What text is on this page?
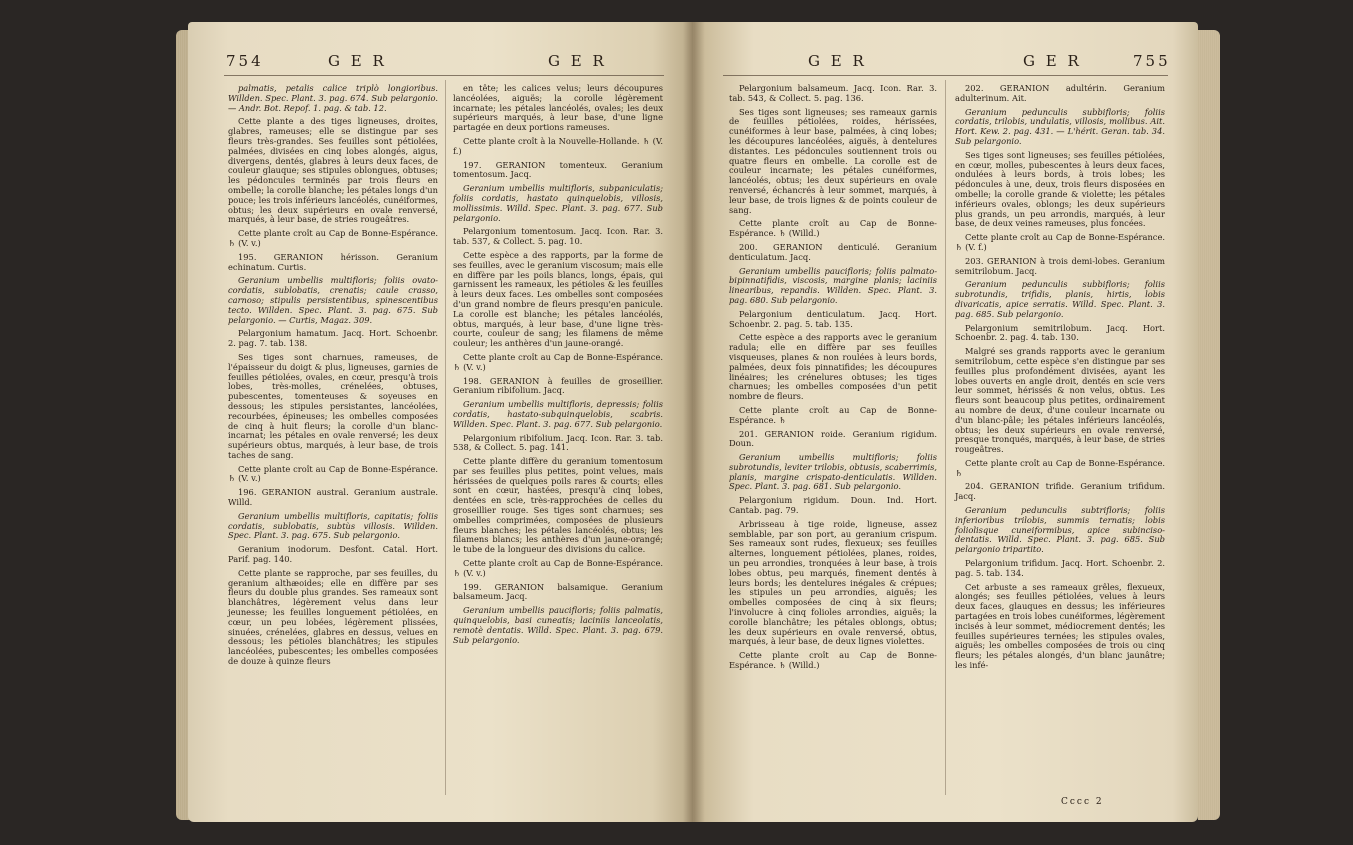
754	G E R	G E R

palmatis, petalis calice triplò longioribus. Willden. Spec. Plant. 3. pag. 674. Sub pelargonio. — Andr. Bot. Repof. 1. pag. & tab. 12.

Cette plante a des tiges ligneuses, droites, glabres, rameuses; elle se distingue par ses fleurs très-grandes. Ses feuilles sont pétiolées, palmées, divisées en cinq lobes alongés, aigus, divergens, dentés, glabres à leurs deux faces, de couleur glauque; ses stipules oblongues, obtuses; les pédoncules terminés par trois fleurs en ombelle; la corolle blanche; les pétales longs d'un pouce; les trois inférieurs lancéolés, cunéiformes, obtus; les deux supérieurs en ovale renversé, marqués, à leur base, de stries rougeâtres.

Cette plante croît au Cap de Bonne-Espérance. ♄ (V. v.)

195. GERANION hérisson. Geranium echinatum. Curtis.

Geranium umbellis multifloris; foliis ovato-cordatis, sublobatis, crenatis; caule crasso, carnoso; stipulis persistentibus, spinescentibus tecto. Willden. Spec. Plant. 3. pag. 675. Sub pelargonio. — Curtis, Magaz. 309.

Pelargonium hamatum. Jacq. Hort. Schoenbr. 2. pag. 7. tab. 138.

Ses tiges sont charnues, rameuses, de l'épaisseur du doigt & plus, ligneuses, garnies de feuilles pétiolées, ovales, en cœur, presqu'à trois lobes, très-molles, crénelées, obtuses, pubescentes, tomenteuses & soyeuses en dessous; les stipules persistantes, lancéolées, recourbées, épineuses; les ombelles composées de cinq à huit fleurs; la corolle d'un blanc-incarnat; les pétales en ovale renversé; les deux supérieurs obtus, marqués, à leur base, de trois taches de sang.

Cette plante croît au Cap de Bonne-Espérance. ♄ (V. v.)

196. GERANION austral. Geranium australe. Willd.

Geranium umbellis multifloris, capitatis; foliis cordatis, sublobatis, subtùs villosis. Willden. Spec. Plant. 3. pag. 675. Sub pelargonio.

Geranium inodorum. Desfont. Catal. Hort. Parif. pag. 140.

Cette plante se rapproche, par ses feuilles, du geranium althæoides; elle en diffère par ses fleurs du double plus grandes. Ses rameaux sont blanchâtres, légèrement velus dans leur jeunesse; les feuilles longuement pétiolées, en cœur, un peu lobées, légèrement plissées, sinuées, crénelées, glabres en dessus, velues en dessous; les pétioles blanchâtres; les stipules lancéolées, pubescentes; les ombelles composées de douze à quinze fleurs

en tête; les calices velus; leurs découpures lancéolées, aiguës; la corolle légèrement incarnate; les pétales lancéolés, ovales; les deux supérieurs marqués, à leur base, d'une ligne partagée en deux portions rameuses.

Cette plante croît à la Nouvelle-Hollande. ♄ (V. f.)

197. GERANION tomenteux. Geranium tomentosum. Jacq.

Geranium umbellis multifloris, subpaniculatis; foliis cordatis, hastato quinquelobis, villosis, mollissimis. Willd. Spec. Plant. 3. pag. 677. Sub pelargonio.

Pelargonium tomentosum. Jacq. Icon. Rar. 3. tab. 537, & Collect. 5. pag. 10.

Cette espèce a des rapports, par la forme de ses feuilles, avec le geranium viscosum; mais elle en diffère par les poils blancs, longs, épais, qui garnissent les rameaux, les pétioles & les feuilles à leurs deux faces. Les ombelles sont composées d'un grand nombre de fleurs presqu'en panicule. La corolle est blanche; les pétales lancéolés, obtus, marqués, à leur base, d'une ligne très-courte, couleur de sang; les filamens de même couleur; les anthères d'un jaune-orangé.

Cette plante croît au Cap de Bonne-Espérance. ♄ (V. v.)

198. GERANION à feuilles de groseillier. Geranium ribifolium. Jacq.

Geranium umbellis multifloris, depressis; foliis cordatis, hastato-subquinquelobis, scabris. Willden. Spec. Plant. 3. pag. 677. Sub pelargonio.

Pelargonium ribifolium. Jacq. Icon. Rar. 3. tab. 538, & Collect. 5. pag. 141.

Cette plante diffère du geranium tomentosum par ses feuilles plus petites, point velues, mais hérissées de quelques poils rares & courts; elles sont en cœur, hastées, presqu'à cinq lobes, dentées en scie, très-rapprochées de celles du groseillier rouge. Ses tiges sont charnues; ses ombelles comprimées, composées de plusieurs fleurs blanches; les pétales lancéolés, obtus; les filamens blancs; les anthères d'un jaune-orangé; le tube de la longueur des divisions du calice.

Cette plante croît au Cap de Bonne-Espérance. ♄ (V. v.)

199. GERANION balsamique. Geranium balsameum. Jacq.

Geranium umbellis paucifloris; foliis palmatis, quinquelobis, basi cuneatis; laciniis lanceolatis, remotè dentatis. Willd. Spec. Plant. 3. pag. 679. Sub pelargonio.

G E R	G E R	755

Pelargonium balsameum. Jacq. Icon. Rar. 3. tab. 543, & Collect. 5. pag. 136.

Ses tiges sont ligneuses; ses rameaux garnis de feuilles pétiolées, roides, hérissées, cunéiformes à leur base, palmées, à cinq lobes; les découpures lancéolées, aiguës, à dentelures distantes. Les pédoncules soutiennent trois ou quatre fleurs en ombelle. La corolle est de couleur incarnate; les pétales cunéiformes, lancéolés, obtus; les deux supérieurs en ovale renversé, échancrés à leur sommet, marqués, à leur base, de trois lignes & de points couleur de sang.

Cette plante croît au Cap de Bonne-Espérance. ♄ (Willd.)

200. GERANION denticulé. Geranium denticulatum. Jacq.

Geranium umbellis paucifloris; foliis palmato-bipinnatifidis, viscosis, margine planis; laciniis linearibus, repandis. Willden. Spec. Plant. 3. pag. 680. Sub pelargonio.

Pelargonium denticulatum. Jacq. Hort. Schoenbr. 2. pag. 5. tab. 135.

Cette espèce a des rapports avec le geranium radula; elle en diffère par ses feuilles visqueuses, planes & non roulées à leurs bords, palmées, deux fois pinnatifides; les découpures linéaires; les crénelures obtuses; les tiges charnues; les ombelles composées d'un petit nombre de fleurs.

Cette plante croît au Cap de Bonne-Espérance. ♄

201. GERANION roide. Geranium rigidum. Doun.

Geranium umbellis multifloris; foliis subrotundis, leviter trilobis, obtusis, scaberrimis, planis, margine crispato-denticulatis. Willden. Spec. Plant. 3. pag. 681. Sub pelargonio.

Pelargonium rigidum. Doun. Ind. Hort. Cantab. pag. 79.

Arbrisseau à tige roide, ligneuse, assez semblable, par son port, au geranium crispum. Ses rameaux sont rudes, flexueux; ses feuilles alternes, longuement pétiolées, planes, roides, un peu arrondies, tronquées à leur base, à trois lobes obtus, peu marqués, finement dentés à leurs bords; les dentelures inégales & crépues; les stipules un peu arrondies, aiguës; les ombelles composées de cinq à six fleurs; l'involucre à cinq folioles arrondies, aiguës; la corolle blanchâtre; les pétales oblongs, obtus; les deux supérieurs en ovale renversé, obtus, marqués, à leur base, de deux lignes violettes.

Cette plante croît au Cap de Bonne-Espérance. ♄ (Willd.)

202. GERANION adultérin. Geranium adulterinum. Ait.

Geranium pedunculis subbifloris; foliis cordatis, trilobis, undulatis, villosis, mollibus. Ait. Hort. Kew. 2. pag. 431. — L'hérit. Geran. tab. 34. Sub pelargonio.

Ses tiges sont ligneuses; ses feuilles pétiolées, en cœur, molles, pubescentes à leurs deux faces, ondulées à leurs bords, à trois lobes; les pédoncules à une, deux, trois fleurs disposées en ombelle; la corolle grande & violette; les pétales inférieurs ovales, oblongs; les deux supérieurs plus grands, un peu arrondis, marqués, à leur base, de deux veines rameuses, plus foncées.

Cette plante croît au Cap de Bonne-Espérance. ♄ (V. f.)

203. GERANION à trois demi-lobes. Geranium semitrilobum. Jacq.

Geranium pedunculis subbifloris; foliis subrotundis, trifidis, planis, hirtis, lobis divaricatis, apice serratis. Willd. Spec. Plant. 3. pag. 685. Sub pelargonio.

Pelargonium semitrilobum. Jacq. Hort. Schoenbr. 2. pag. 4. tab. 130.

Malgré ses grands rapports avec le geranium semitrilobum, cette espèce s'en distingue par ses feuilles plus profondément divisées, ayant les lobes ouverts en angle droit, dentés en scie vers leur sommet, hérissés & non velus, obtus. Les fleurs sont beaucoup plus petites, ordinairement au nombre de deux, d'une couleur incarnate ou d'un blanc-pâle; les pétales inférieurs lancéolés, obtus; les deux supérieurs en ovale renversé, presque tronqués, marqués, à leur base, de stries rougeâtres.

Cette plante croît au Cap de Bonne-Espérance. ♄

204. GERANION trifide. Geranium trifidum. Jacq.

Geranium pedunculis subtrifloris; foliis inferioribus trilobis, summis ternatis; lobis foliolisque cuneiformibus, apice subinciso-dentatis. Willd. Spec. Plant. 3. pag. 685. Sub pelargonio tripartito.

Pelargonium trifidum. Jacq. Hort. Schoenbr. 2. pag. 5. tab. 134.

Cet arbuste a ses rameaux grêles, flexueux, alongés; ses feuilles pétiolées, velues à leurs deux faces, glauques en dessus; les inférieures partagées en trois lobes cunéiformes, légèrement incisés à leur sommet, médiocrement dentés; les feuilles supérieures ternées; les stipules ovales, aiguës; les ombelles composées de trois ou cinq fleurs; les pétales alongés, d'un blanc jaunâtre; les infé-

Cccc 2
